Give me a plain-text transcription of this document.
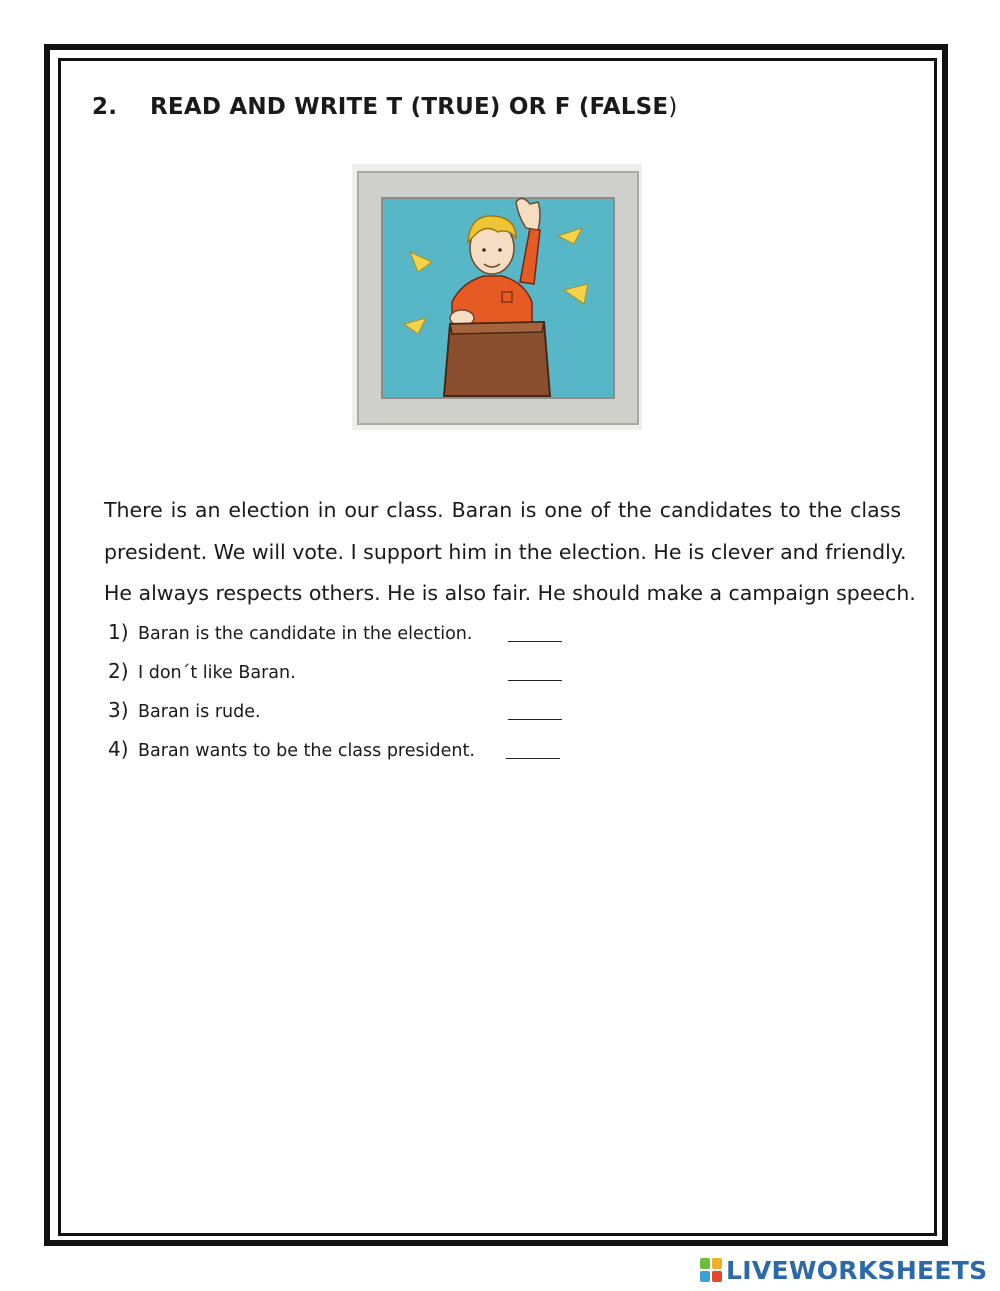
2. READ AND WRITE T (TRUE) OR F (FALSE)
There is an election in our class. Baran is one of the candidates to the class
president. We will vote. I support him in the election. He is clever and friendly.
He always respects others. He is also fair. He should make a campaign speech.
1) Baran is the candidate in the election.
2) I don´t like Baran.
3) Baran is rude.
4) Baran wants to be the class president.
LIVEWORKSHEETS
